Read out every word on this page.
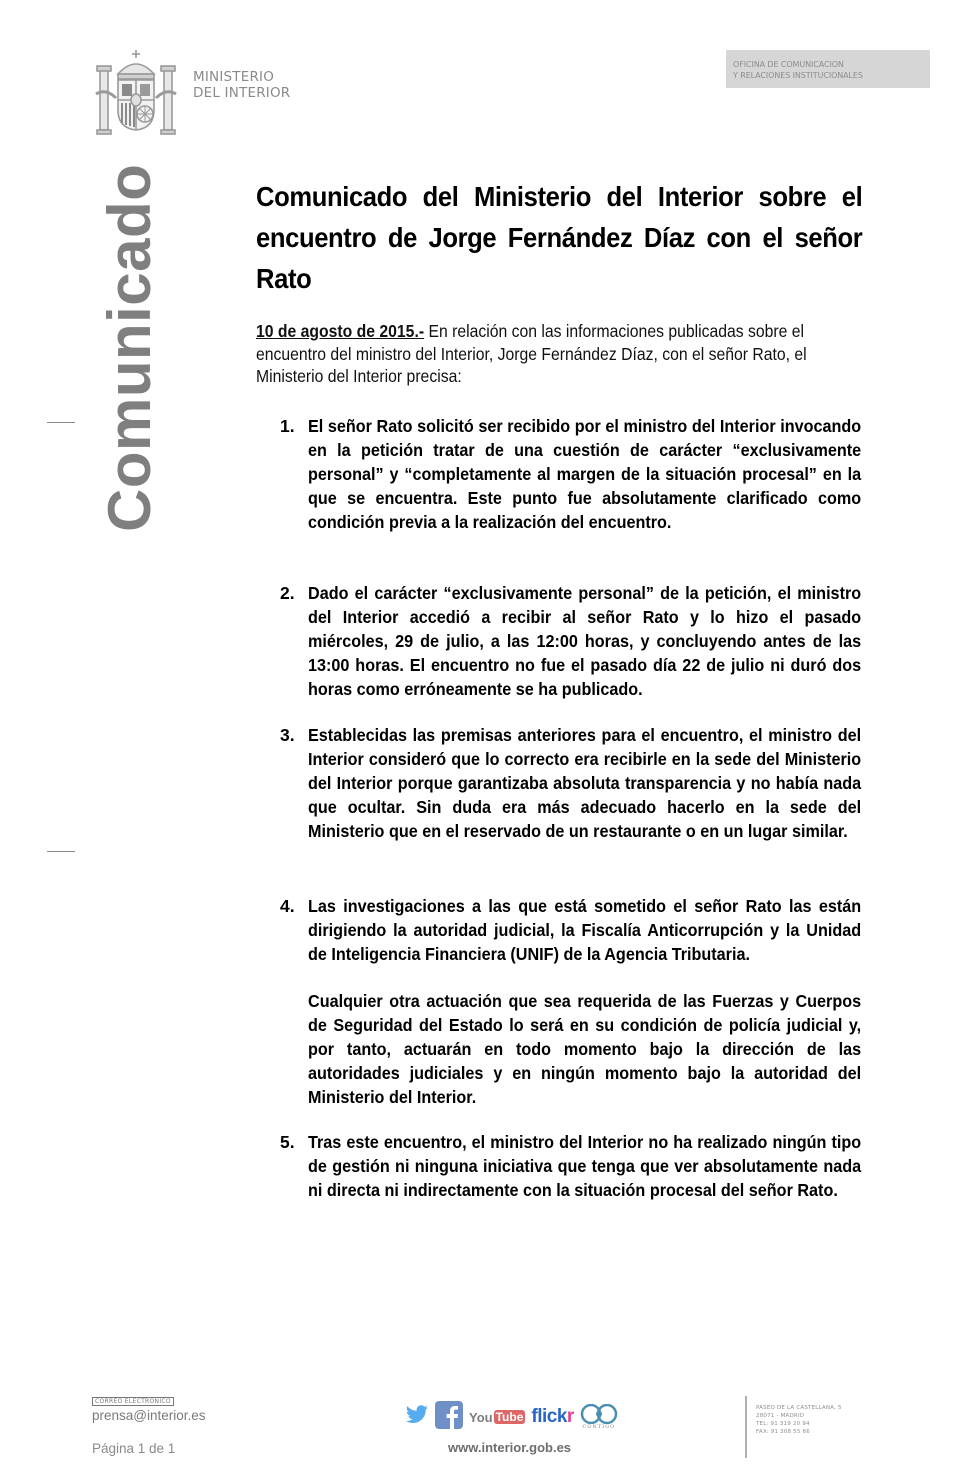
MINISTERIO
DEL INTERIOR
OFICINA DE COMUNICACION
Y RELACIONES INSTITUCIONALES
Comunicado	Comunicado del Ministerio del Interior sobre el encuentro de Jorge Fernández Díaz con el señor Rato
10 de agosto de 2015.- En relación con las informaciones publicadas sobre el encuentro del ministro del Interior, Jorge Fernández Díaz, con el señor Rato, el Ministerio del Interior precisa:
1. El señor Rato solicitó ser recibido por el ministro del Interior invocando en la petición tratar de una cuestión de carácter “exclusivamente personal” y “completamente al margen de la situación procesal” en la que se encuentra. Este punto fue absolutamente clarificado como condición previa a la realización del encuentro.
2. Dado el carácter “exclusivamente personal” de la petición, el ministro del Interior accedió a recibir al señor Rato y lo hizo el pasado miércoles, 29 de julio, a las 12:00 horas, y concluyendo antes de las 13:00 horas. El encuentro no fue el pasado día 22 de julio ni duró dos horas como erróneamente se ha publicado.
3. Establecidas las premisas anteriores para el encuentro, el ministro del Interior consideró que lo correcto era recibirle en la sede del Ministerio del Interior porque garantizaba absoluta transparencia y no había nada que ocultar. Sin duda era más adecuado hacerlo en la sede del Ministerio que en el reservado de un restaurante o en un lugar similar.
4. Las investigaciones a las que está sometido el señor Rato las están dirigiendo la autoridad judicial, la Fiscalía Anticorrupción y la Unidad de Inteligencia Financiera (UNIF) de la Agencia Tributaria.
Cualquier otra actuación que sea requerida de las Fuerzas y Cuerpos de Seguridad del Estado lo será en su condición de policía judicial y, por tanto, actuarán en todo momento bajo la dirección de las autoridades judiciales y en ningún momento bajo la autoridad del Ministerio del Interior.
5. Tras este encuentro, el ministro del Interior no ha realizado ningún tipo de gestión ni ninguna iniciativa que tenga que ver absolutamente nada ni directa ni indirectamente con la situación procesal del señor Rato.
CORREO ELECTRÓNICO
prensa@interior.es
Página 1 de 1
You Tube flickr CONTIGO
www.interior.gob.es
PASEO DE LA CASTELLANA, 5
28071 - MADRID
TEL: 91 319 20 94
FAX: 91 308 55 66
